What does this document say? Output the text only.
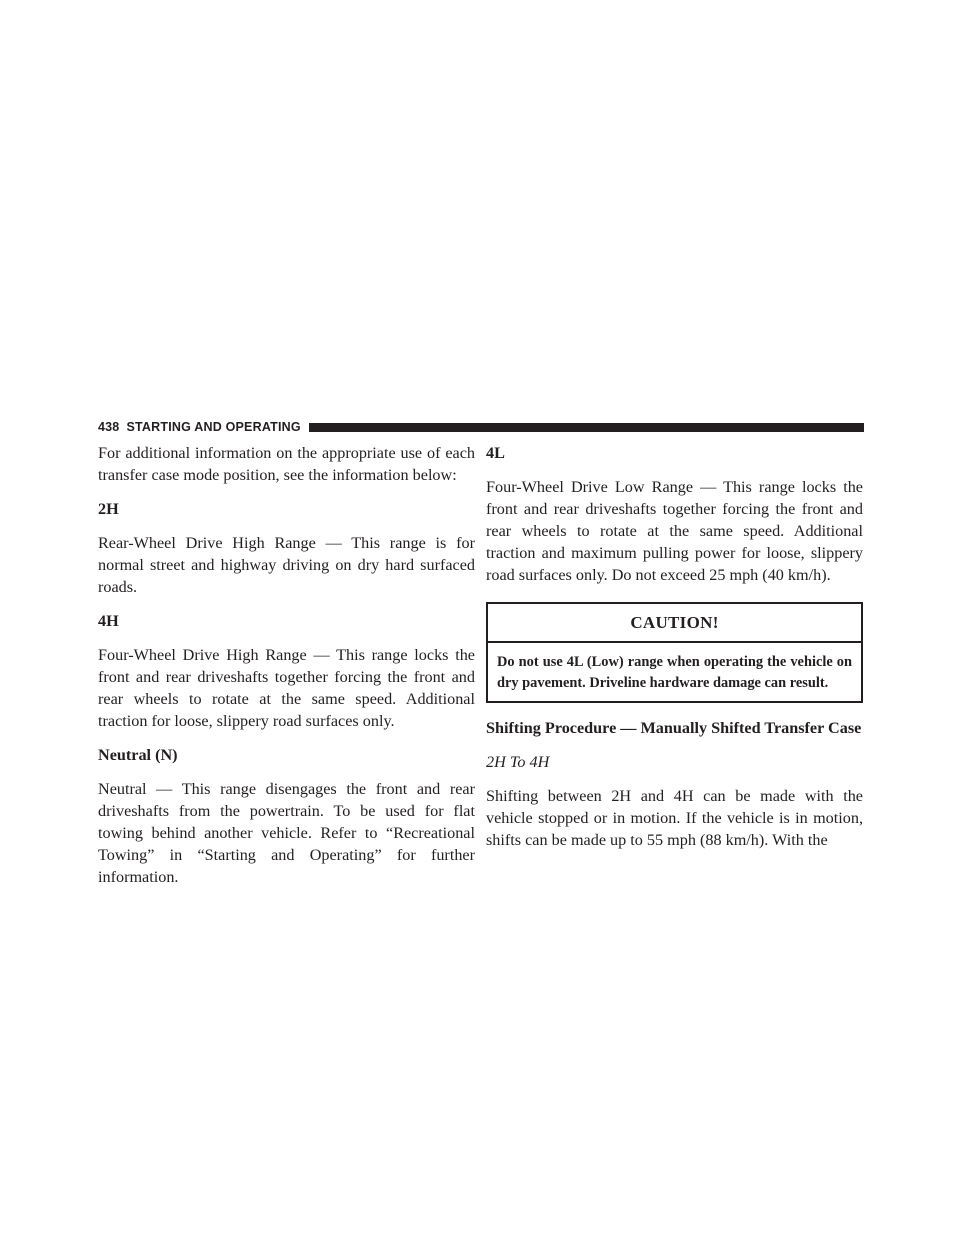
438 STARTING AND OPERATING

For additional information on the appropriate use of each transfer case mode position, see the information below:

2H

Rear-Wheel Drive High Range — This range is for normal street and highway driving on dry hard surfaced roads.

4H

Four-Wheel Drive High Range — This range locks the front and rear driveshafts together forcing the front and rear wheels to rotate at the same speed. Additional traction for loose, slippery road surfaces only.

Neutral (N)

Neutral — This range disengages the front and rear driveshafts from the powertrain. To be used for flat towing behind another vehicle. Refer to “Recreational Towing” in “Starting and Operating” for further information.

4L

Four-Wheel Drive Low Range — This range locks the front and rear driveshafts together forcing the front and rear wheels to rotate at the same speed. Additional traction and maximum pulling power for loose, slippery road surfaces only. Do not exceed 25 mph (40 km/h).

CAUTION!
Do not use 4L (Low) range when operating the vehicle on dry pavement. Driveline hardware damage can result.

Shifting Procedure — Manually Shifted Transfer Case

2H To 4H

Shifting between 2H and 4H can be made with the vehicle stopped or in motion. If the vehicle is in motion, shifts can be made up to 55 mph (88 km/h). With the
